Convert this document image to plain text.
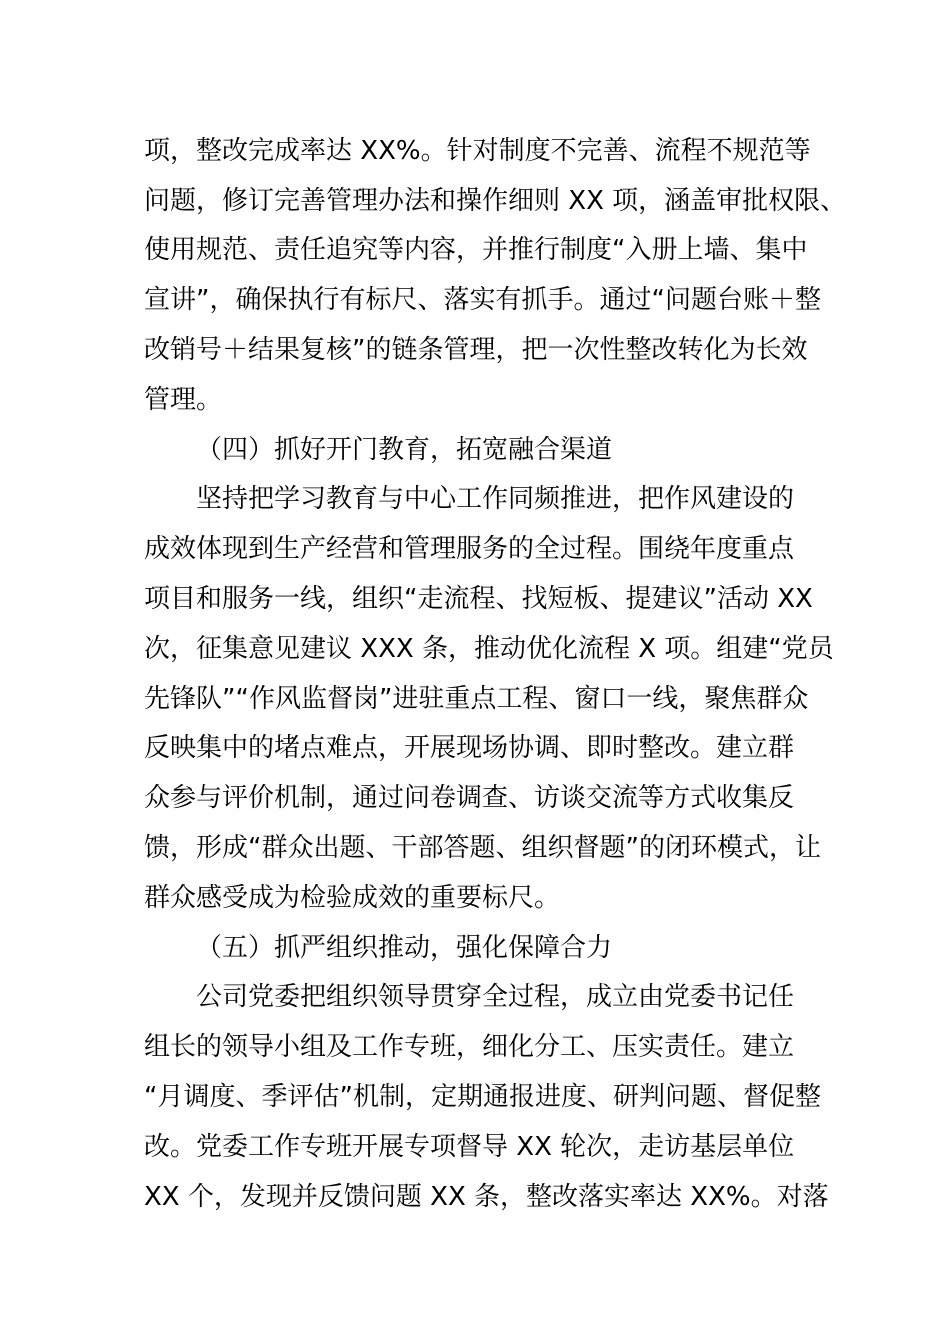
项，整改完成率达 XX%。针对制度不完善、流程不规范等
问题，修订完善管理办法和操作细则 XX 项，涵盖审批权限、
使用规范、责任追究等内容，并推行制度“入册上墙、集中
宣讲”，确保执行有标尺、落实有抓手。通过“问题台账＋整
改销号＋结果复核”的链条管理，把一次性整改转化为长效
管理。
（四）抓好开门教育，拓宽融合渠道
坚持把学习教育与中心工作同频推进，把作风建设的
成效体现到生产经营和管理服务的全过程。围绕年度重点
项目和服务一线，组织“走流程、找短板、提建议”活动 XX
次，征集意见建议 XXX 条，推动优化流程 X 项。组建“党员
先锋队”“作风监督岗”进驻重点工程、窗口一线，聚焦群众
反映集中的堵点难点，开展现场协调、即时整改。建立群
众参与评价机制，通过问卷调查、访谈交流等方式收集反
馈，形成“群众出题、干部答题、组织督题”的闭环模式，让
群众感受成为检验成效的重要标尺。
（五）抓严组织推动，强化保障合力
公司党委把组织领导贯穿全过程，成立由党委书记任
组长的领导小组及工作专班，细化分工、压实责任。建立
“月调度、季评估”机制，定期通报进度、研判问题、督促整
改。党委工作专班开展专项督导 XX 轮次，走访基层单位
XX 个，发现并反馈问题 XX 条，整改落实率达 XX%。对落
